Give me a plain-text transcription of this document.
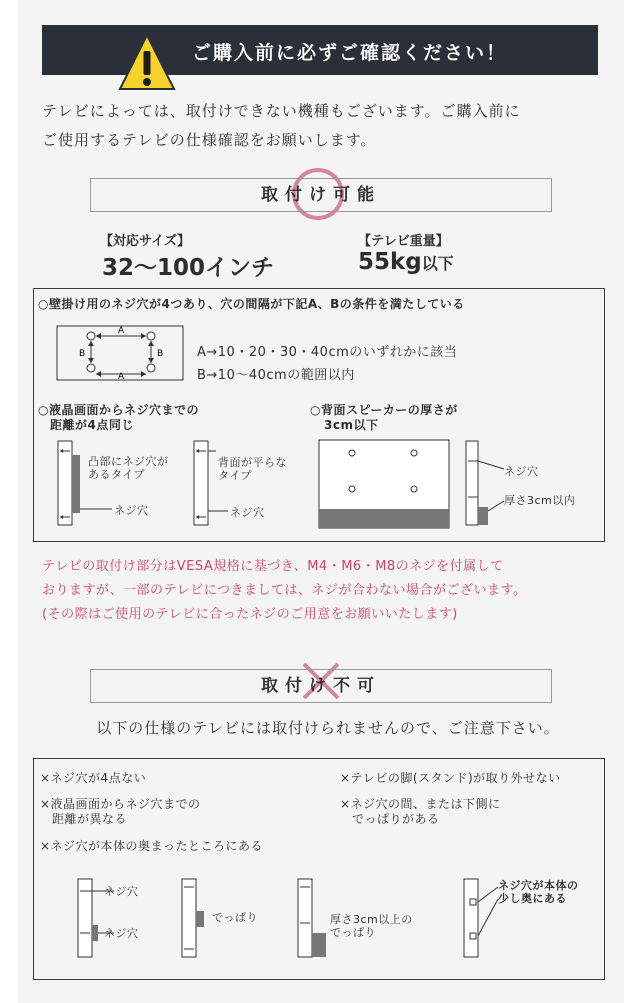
ご購入前に必ずご確認ください！
テレビによっては、取付けできない機種もございます。ご購入前に
ご使用するテレビの仕様確認をお願いします。
取付け可能
【対応サイズ】
32〜100インチ
【テレビ重量】
55kg以下
○壁掛け用のネジ穴が4つあり、穴の間隔が下記A、Bの条件を満たしている
A
A
B	B	A→10・20・30・40cmのいずれかに該当
B→10〜40cmの範囲以内
○液晶画面からネジ穴までの
距離が4点同じ
凸部にネジ穴が
あるタイプ
ネジ穴
背面が平らな
タイプ
ネジ穴
○背面スピーカーの厚さが
3cm以下
ネジ穴
厚さ3cm以内
テレビの取付け部分はVESA規格に基づき、M4・M6・M8のネジを付属して
おりますが、一部のテレビにつきましては、ネジが合わない場合がございます。
(その際はご使用のテレビに合ったネジのご用意をお願いいたします)
取付け不可
以下の仕様のテレビには取付けられませんので、ご注意下さい。
×ネジ穴が4点ない	×テレビの脚(スタンド)が取り外せない
×液晶画面からネジ穴までの
距離が異なる
×ネジ穴の間、または下側に
でっぱりがある
×ネジ穴が本体の奥まったところにある
ネジ穴
ネジ穴
でっぱり	厚さ3cm以上の
でっぱり
ネジ穴が本体の
少し奥にある
